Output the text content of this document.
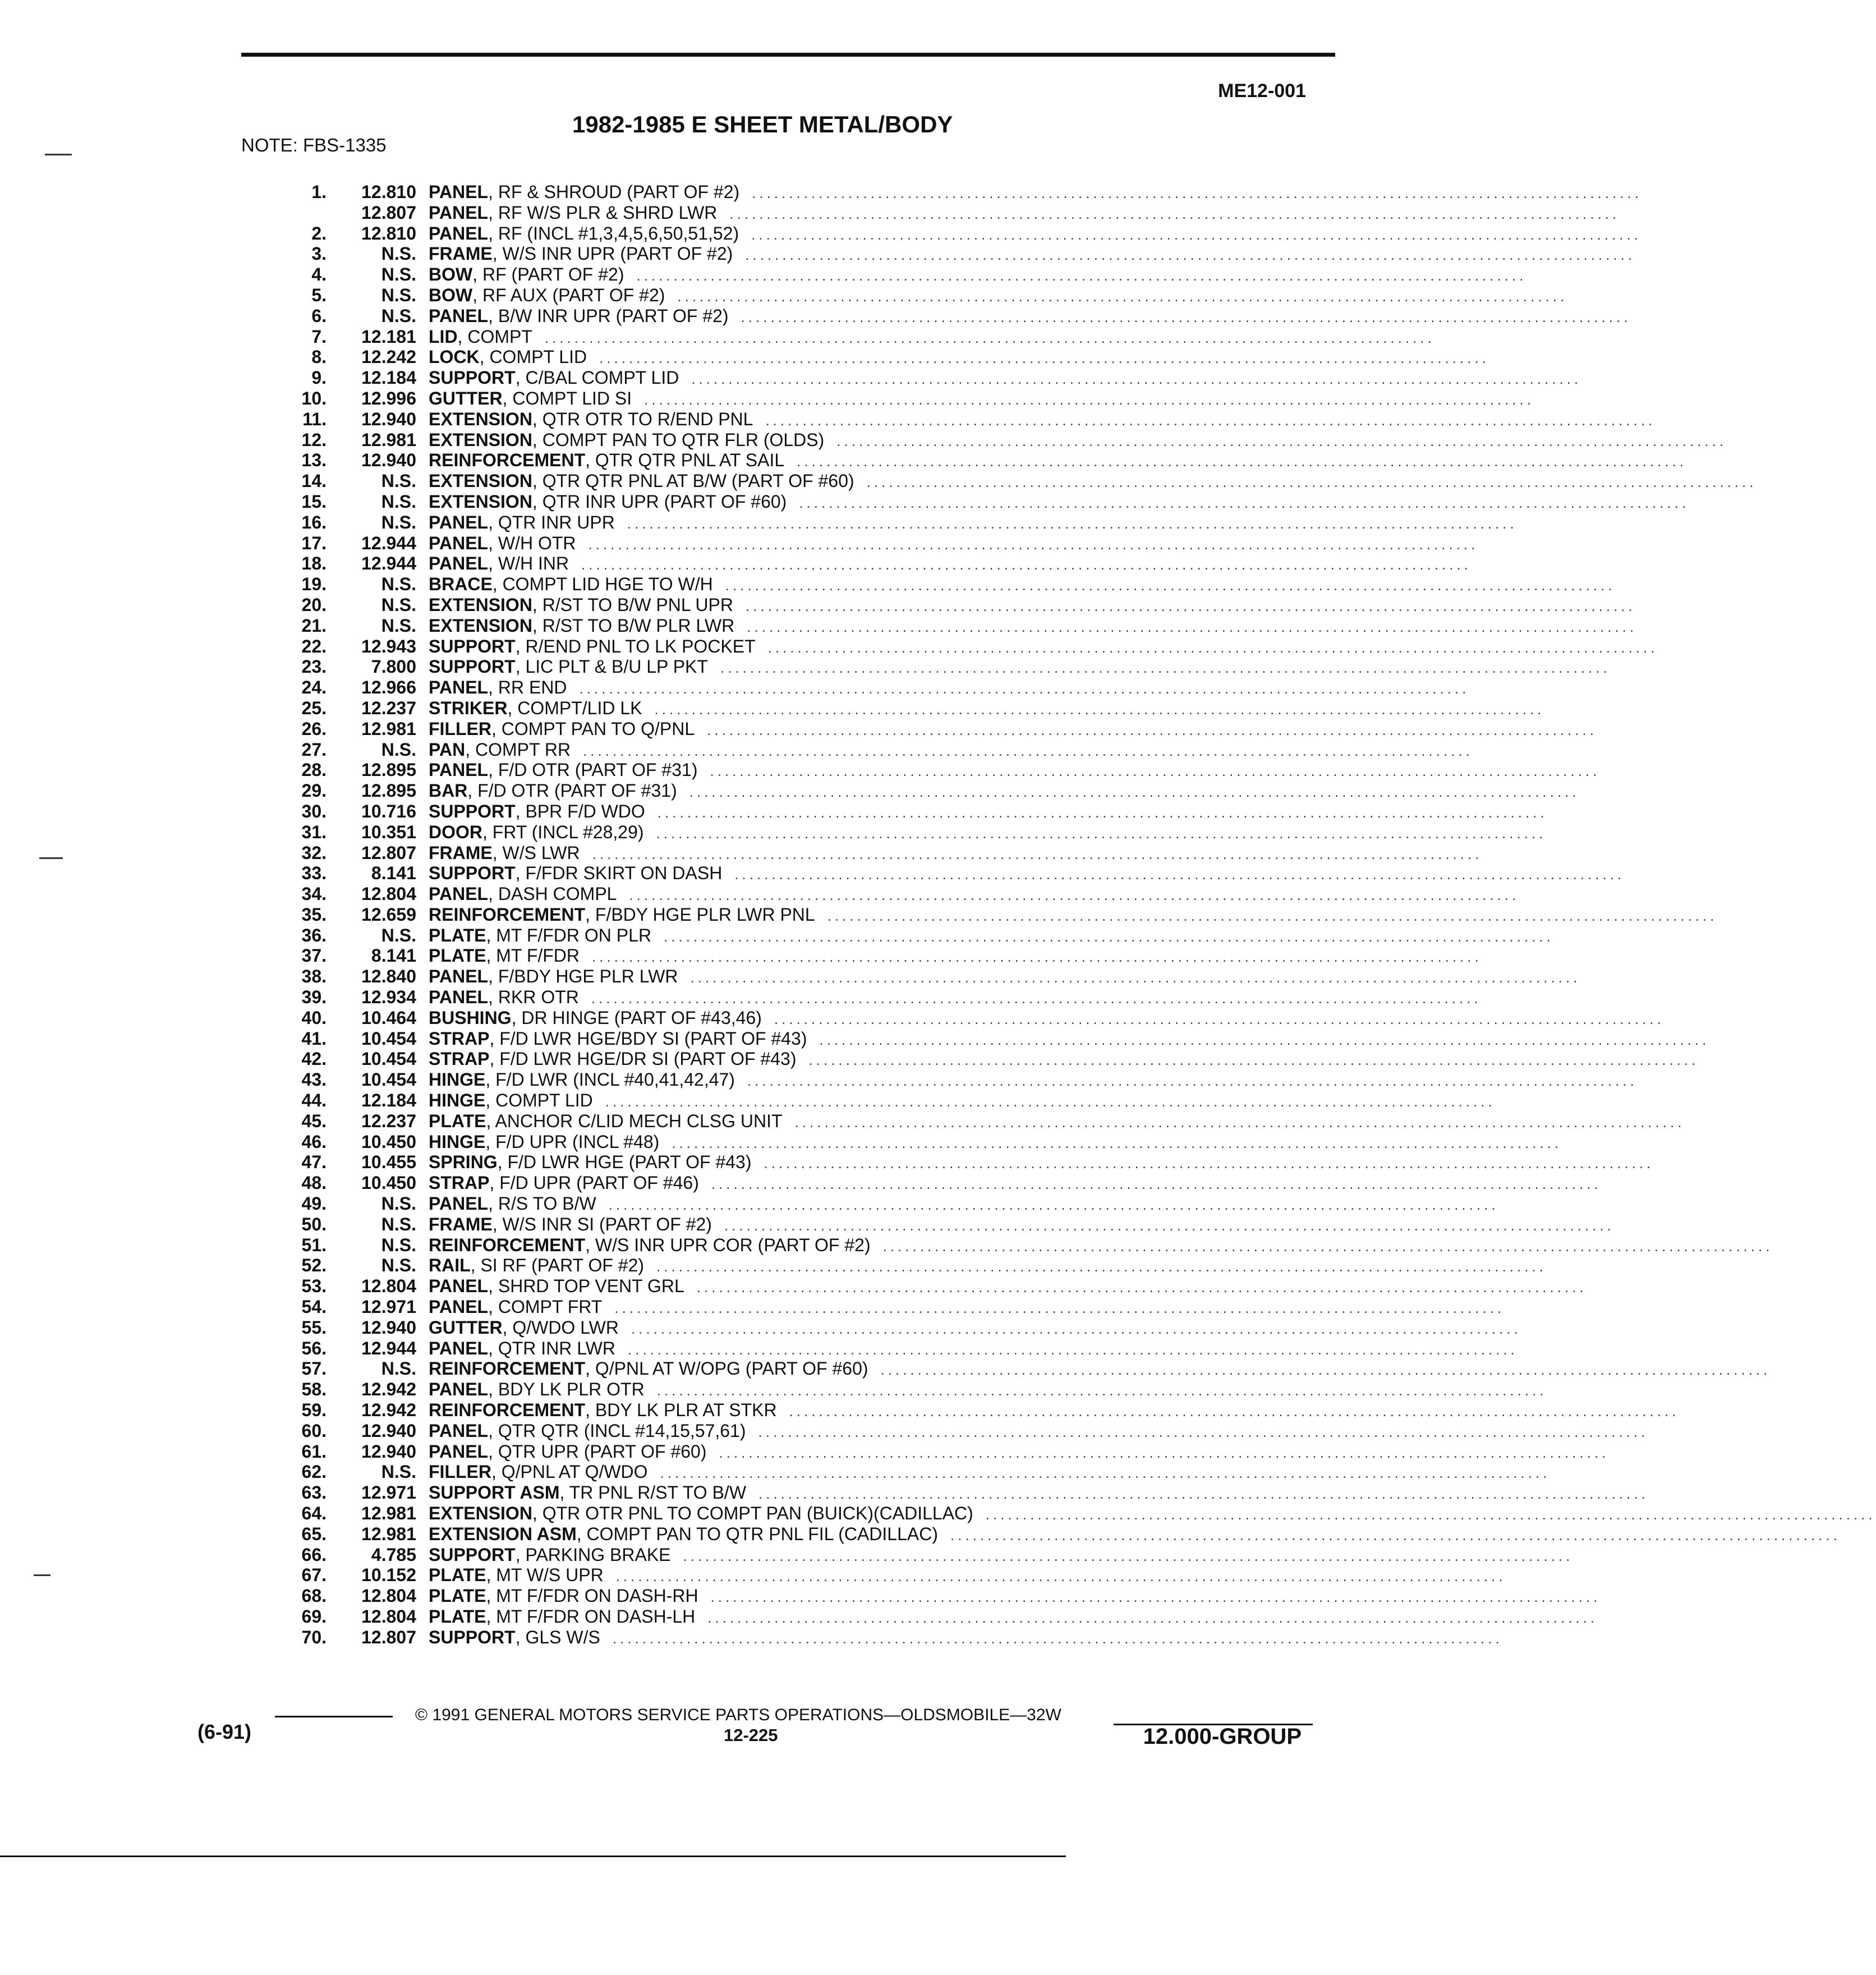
ME12-001
1982-1985 E SHEET METAL/BODY
NOTE: FBS-1335
1.	12.810 PANEL , RF & SHROUD (PART OF #2) ........................................................................................................................
12.807 PANEL , RF W/S PLR & SHRD LWR ........................................................................................................................
2.	12.810 PANEL , RF (INCL #1,3,4,5,6,50,51,52) ........................................................................................................................
3.	N.S. FRAME , W/S INR UPR (PART OF #2) ........................................................................................................................
4.	N.S. BOW , RF (PART OF #2) ........................................................................................................................
5.	N.S. BOW , RF AUX (PART OF #2) ........................................................................................................................
6.	N.S. PANEL , B/W INR UPR (PART OF #2) ........................................................................................................................
7.	12.181 LID , COMPT ........................................................................................................................
8.	12.242 LOCK , COMPT LID ........................................................................................................................
9.	12.184 SUPPORT , C/BAL COMPT LID ........................................................................................................................
10.	12.996 GUTTER , COMPT LID SI ........................................................................................................................
11.	12.940 EXTENSION , QTR OTR TO R/END PNL ........................................................................................................................
12.	12.981 EXTENSION , COMPT PAN TO QTR FLR (OLDS) ........................................................................................................................
13.	12.940 REINFORCEMENT , QTR QTR PNL AT SAIL ........................................................................................................................
14.	N.S. EXTENSION , QTR QTR PNL AT B/W (PART OF #60) ........................................................................................................................
15.	N.S. EXTENSION , QTR INR UPR (PART OF #60) ........................................................................................................................
16.	N.S. PANEL , QTR INR UPR ........................................................................................................................
17.	12.944 PANEL , W/H OTR ........................................................................................................................
18.	12.944 PANEL , W/H INR ........................................................................................................................
19.	N.S. BRACE , COMPT LID HGE TO W/H ........................................................................................................................
20.	N.S. EXTENSION , R/ST TO B/W PNL UPR ........................................................................................................................
21.	N.S. EXTENSION , R/ST TO B/W PLR LWR ........................................................................................................................
22.	12.943 SUPPORT , R/END PNL TO LK POCKET ........................................................................................................................
23.	7.800 SUPPORT , LIC PLT & B/U LP PKT ........................................................................................................................
24.	12.966 PANEL , RR END ........................................................................................................................
25.	12.237 STRIKER , COMPT/LID LK ........................................................................................................................
26.	12.981 FILLER , COMPT PAN TO Q/PNL ........................................................................................................................
27.	N.S. PAN , COMPT RR ........................................................................................................................
28.	12.895 PANEL , F/D OTR (PART OF #31) ........................................................................................................................
29.	12.895 BAR , F/D OTR (PART OF #31) ........................................................................................................................
30.	10.716 SUPPORT , BPR F/D WDO ........................................................................................................................
31.	10.351 DOOR , FRT (INCL #28,29) ........................................................................................................................
32.	12.807 FRAME , W/S LWR ........................................................................................................................
33.	8.141 SUPPORT , F/FDR SKIRT ON DASH ........................................................................................................................
34.	12.804 PANEL , DASH COMPL ........................................................................................................................
35.	12.659 REINFORCEMENT , F/BDY HGE PLR LWR PNL ........................................................................................................................
36.	N.S. PLATE , MT F/FDR ON PLR ........................................................................................................................
37.	8.141 PLATE , MT F/FDR ........................................................................................................................
38.	12.840 PANEL , F/BDY HGE PLR LWR ........................................................................................................................
39.	12.934 PANEL , RKR OTR ........................................................................................................................
40.	10.464 BUSHING , DR HINGE (PART OF #43,46) ........................................................................................................................
41.	10.454 STRAP , F/D LWR HGE/BDY SI (PART OF #43) ........................................................................................................................
42.	10.454 STRAP , F/D LWR HGE/DR SI (PART OF #43) ........................................................................................................................
43.	10.454 HINGE , F/D LWR (INCL #40,41,42,47) ........................................................................................................................
44.	12.184 HINGE , COMPT LID ........................................................................................................................
45.	12.237 PLATE , ANCHOR C/LID MECH CLSG UNIT ........................................................................................................................
46.	10.450 HINGE , F/D UPR (INCL #48) ........................................................................................................................
47.	10.455 SPRING , F/D LWR HGE (PART OF #43) ........................................................................................................................
48.	10.450 STRAP , F/D UPR (PART OF #46) ........................................................................................................................
49.	N.S. PANEL , R/S TO B/W ........................................................................................................................
50.	N.S. FRAME , W/S INR SI (PART OF #2) ........................................................................................................................
51.	N.S. REINFORCEMENT , W/S INR UPR COR (PART OF #2) ........................................................................................................................
52.	N.S. RAIL , SI RF (PART OF #2) ........................................................................................................................
53.	12.804 PANEL , SHRD TOP VENT GRL ........................................................................................................................
54.	12.971 PANEL , COMPT FRT ........................................................................................................................
55.	12.940 GUTTER , Q/WDO LWR ........................................................................................................................
56.	12.944 PANEL , QTR INR LWR ........................................................................................................................
57.	N.S. REINFORCEMENT , Q/PNL AT W/OPG (PART OF #60) ........................................................................................................................
58.	12.942 PANEL , BDY LK PLR OTR ........................................................................................................................
59.	12.942 REINFORCEMENT , BDY LK PLR AT STKR ........................................................................................................................
60.	12.940 PANEL , QTR QTR (INCL #14,15,57,61) ........................................................................................................................
61.	12.940 PANEL , QTR UPR (PART OF #60) ........................................................................................................................
62.	N.S. FILLER , Q/PNL AT Q/WDO ........................................................................................................................
63.	12.971 SUPPORT ASM , TR PNL R/ST TO B/W ........................................................................................................................
64.	12.981 EXTENSION , QTR OTR PNL TO COMPT PAN (BUICK)(CADILLAC) ........................................................................................................................
65.	12.981 EXTENSION ASM , COMPT PAN TO QTR PNL FIL (CADILLAC) ........................................................................................................................
66.	4.785 SUPPORT , PARKING BRAKE ........................................................................................................................
67.	10.152 PLATE , MT W/S UPR ........................................................................................................................
68.	12.804 PLATE , MT F/FDR ON DASH-RH ........................................................................................................................
69.	12.804 PLATE , MT F/FDR ON DASH-LH ........................................................................................................................
70.	12.807 SUPPORT , GLS W/S ........................................................................................................................
© 1991 GENERAL MOTORS SERVICE PARTS OPERATIONS—OLDSMOBILE—32W
(6-91)	12-225	12.000-GROUP
